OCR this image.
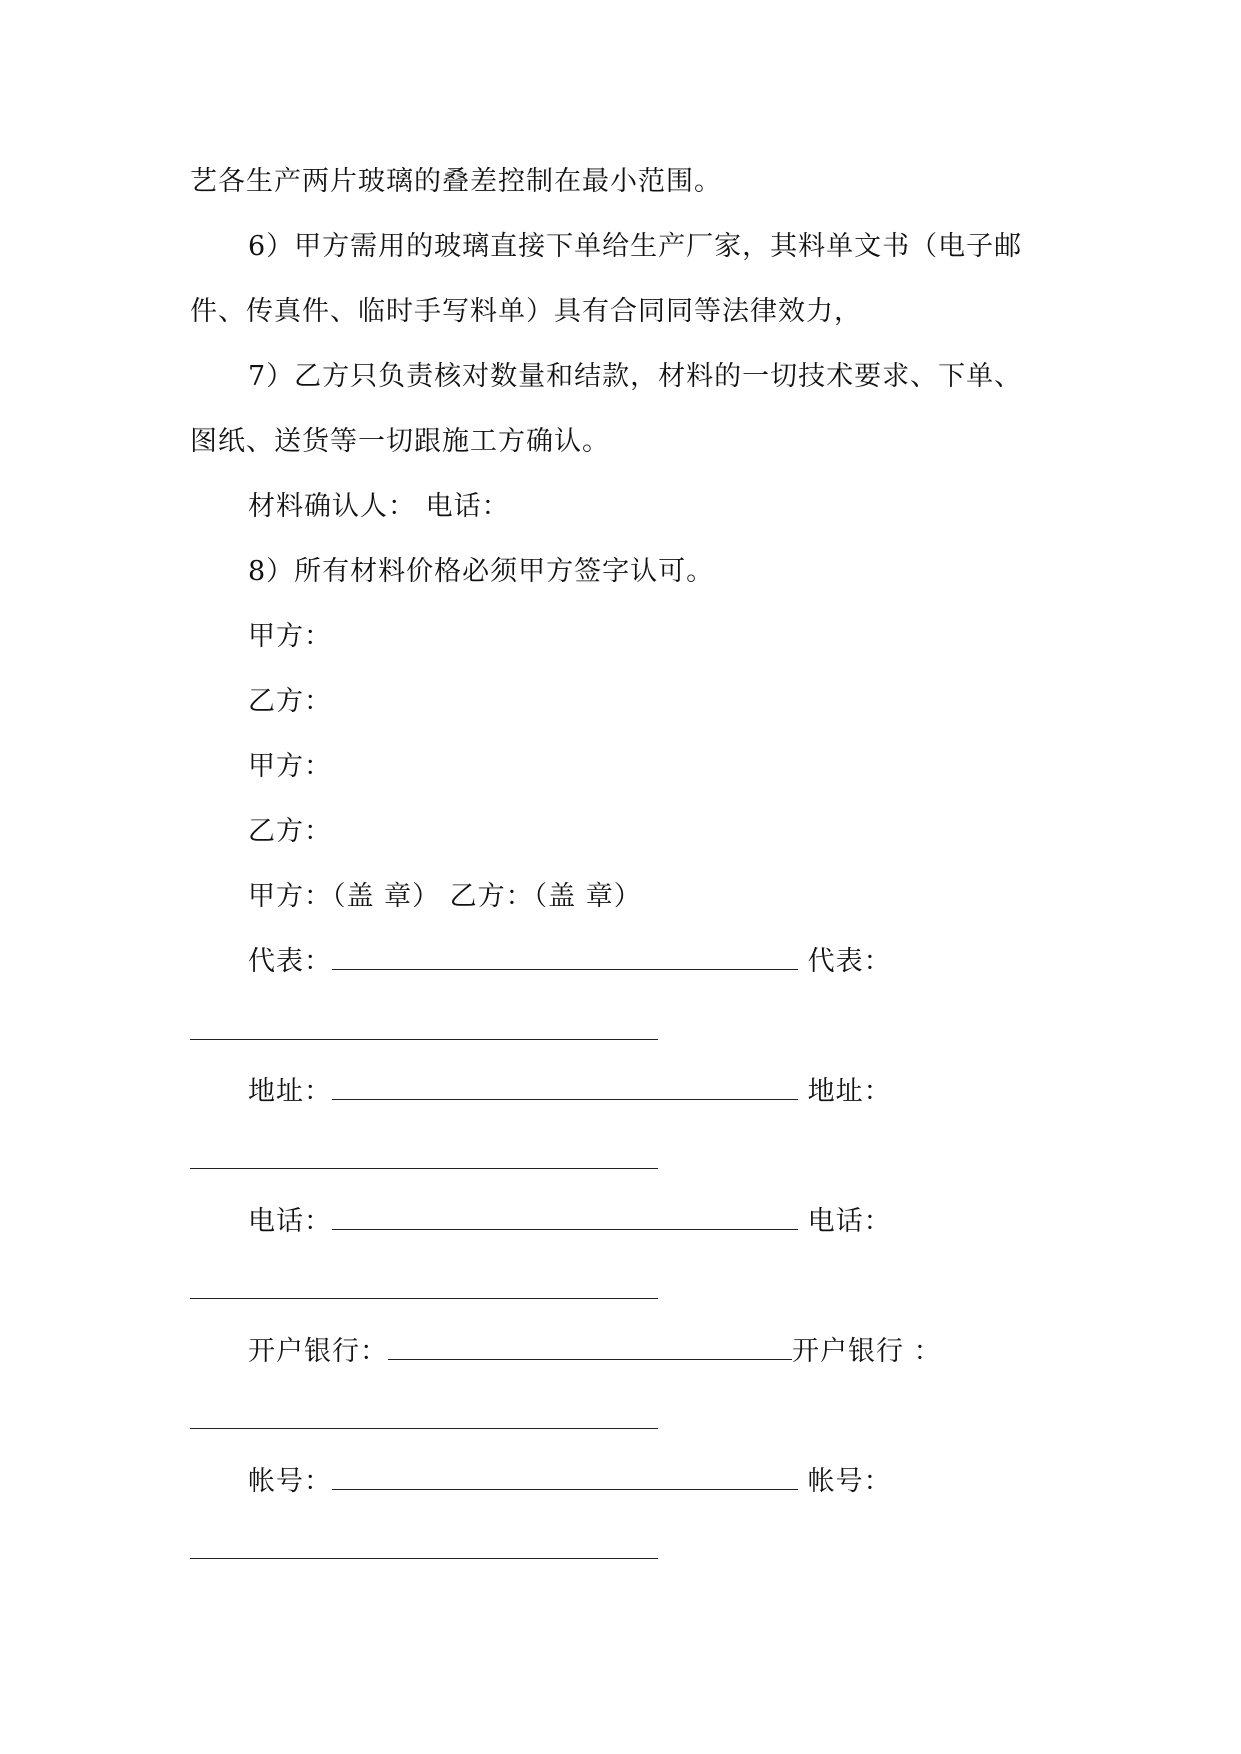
艺各生产两片玻璃的叠差控制在最小范围。
6）甲方需用的玻璃直接下单给生产厂家，其料单文书（电子邮
件、传真件、临时手写料单）具有合同同等法律效力，
7）乙方只负责核对数量和结款，材料的一切技术要求、下单、
图纸、送货等一切跟施工方确认。
材料确认人： 电话：
8）所有材料价格必须甲方签字认可。
甲方：
乙方：
甲方：
乙方：
甲方：（盖 章） 乙方：（盖 章）
代表：	代表：
地址：	地址：
电话：	电话：
开户银行：	开户银行 ：
帐号：	帐号：
